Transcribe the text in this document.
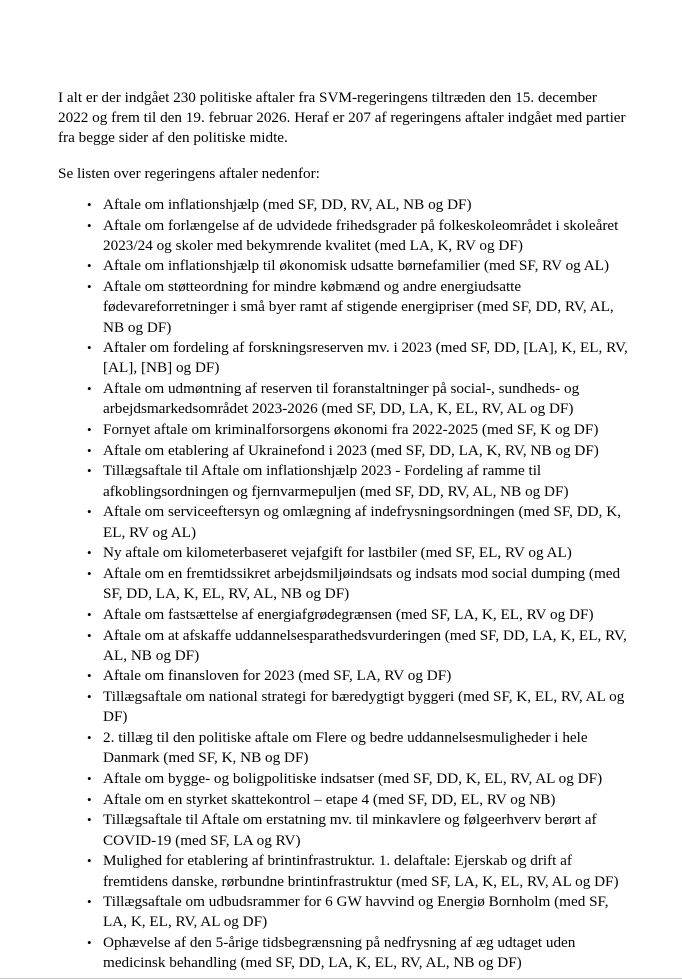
I alt er der indgået 230 politiske aftaler fra SVM-regeringens tiltræden den 15. december 2022 og frem til den 19. februar 2026. Heraf er 207 af regeringens aftaler indgået med partier fra begge sider af den politiske midte.

Se listen over regeringens aftaler nedenfor:

• Aftale om inflationshjælp (med SF, DD, RV, AL, NB og DF)
• Aftale om forlængelse af de udvidede frihedsgrader på folkeskoleområdet i skoleåret 2023/24 og skoler med bekymrende kvalitet (med LA, K, RV og DF)
• Aftale om inflationshjælp til økonomisk udsatte børnefamilier (med SF, RV og AL)
• Aftale om støtteordning for mindre købmænd og andre energiudsatte fødevareforretninger i små byer ramt af stigende energipriser (med SF, DD, RV, AL, NB og DF)
• Aftaler om fordeling af forskningsreserven mv. i 2023 (med SF, DD, [LA], K, EL, RV, [AL], [NB] og DF)
• Aftale om udmøntning af reserven til foranstaltninger på social-, sundheds- og arbejdsmarkedsområdet 2023-2026 (med SF, DD, LA, K, EL, RV, AL og DF)
• Fornyet aftale om kriminalforsorgens økonomi fra 2022-2025 (med SF, K og DF)
• Aftale om etablering af Ukrainefond i 2023 (med SF, DD, LA, K, RV, NB og DF)
• Tillægsaftale til Aftale om inflationshjælp 2023 - Fordeling af ramme til afkoblingsordningen og fjernvarmepuljen (med SF, DD, RV, AL, NB og DF)
• Aftale om serviceeftersyn og omlægning af indefrysningsordningen (med SF, DD, K, EL, RV og AL)
• Ny aftale om kilometerbaseret vejafgift for lastbiler (med SF, EL, RV og AL)
• Aftale om en fremtidssikret arbejdsmiljøindsats og indsats mod social dumping (med SF, DD, LA, K, EL, RV, AL, NB og DF)
• Aftale om fastsættelse af energiafgrødegrænsen (med SF, LA, K, EL, RV og DF)
• Aftale om at afskaffe uddannelsesparathedsvurderingen (med SF, DD, LA, K, EL, RV, AL, NB og DF)
• Aftale om finansloven for 2023 (med SF, LA, RV og DF)
• Tillægsaftale om national strategi for bæredygtigt byggeri (med SF, K, EL, RV, AL og DF)
• 2. tillæg til den politiske aftale om Flere og bedre uddannelsesmuligheder i hele Danmark (med SF, K, NB og DF)
• Aftale om bygge- og boligpolitiske indsatser (med SF, DD, K, EL, RV, AL og DF)
• Aftale om en styrket skattekontrol – etape 4 (med SF, DD, EL, RV og NB)
• Tillægsaftale til Aftale om erstatning mv. til minkavlere og følgeerhverv berørt af COVID-19 (med SF, LA og RV)
• Mulighed for etablering af brintinfrastruktur. 1. delaftale: Ejerskab og drift af fremtidens danske, rørbundne brintinfrastruktur (med SF, LA, K, EL, RV, AL og DF)
• Tillægsaftale om udbudsrammer for 6 GW havvind og Energiø Bornholm (med SF, LA, K, EL, RV, AL og DF)
• Ophævelse af den 5-årige tidsbegrænsning på nedfrysning af æg udtaget uden medicinsk behandling (med SF, DD, LA, K, EL, RV, AL, NB og DF)
